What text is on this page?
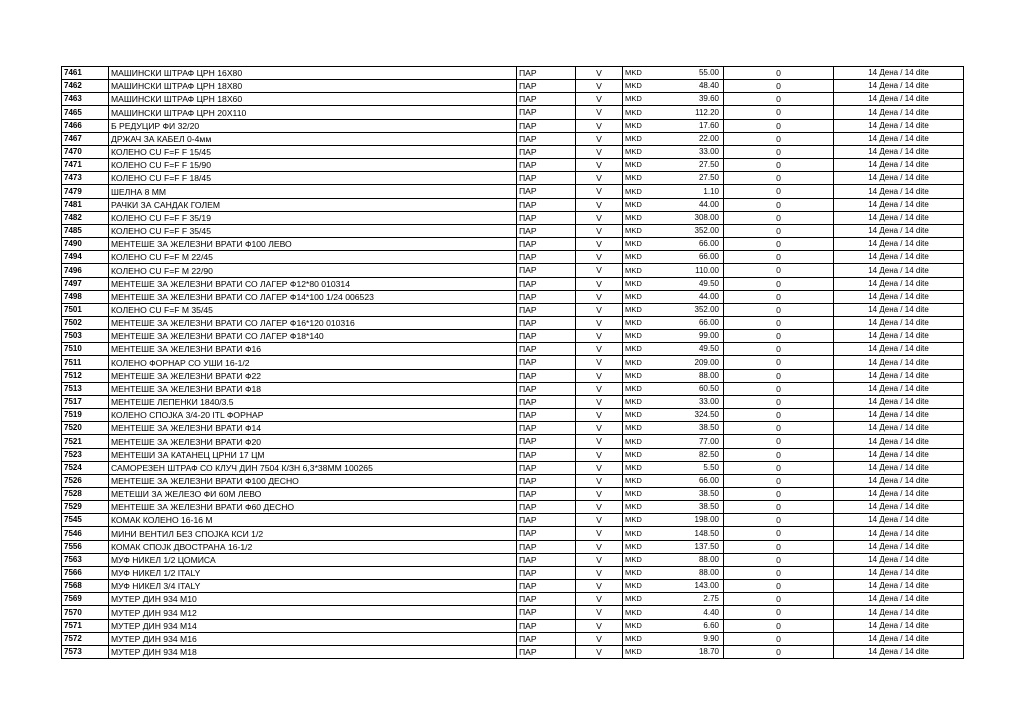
7461	МАШИНСКИ ШТРАФ ЦРН 16Х80	ПАР	V	MKD	55.00	0	14 Дена / 14 dite
7462	МАШИНСКИ ШТРАФ ЦРН 18Х80	ПАР	V	MKD	48.40	0	14 Дена / 14 dite
7463	МАШИНСКИ ШТРАФ ЦРН 18Х60	ПАР	V	MKD	39.60	0	14 Дена / 14 dite
7465	МАШИНСКИ ШТРАФ ЦРН 20Х110	ПАР	V	MKD	112.20	0	14 Дена / 14 dite
7466	Б РЕДУЦИР ФИ 32/20	ПАР	V	MKD	17.60	0	14 Дена / 14 dite
7467	ДРЖАЧ ЗА КАБЕЛ 0-4мм	ПАР	V	MKD	22.00	0	14 Дена / 14 dite
7470	КОЛЕНО CU F=F F 15/45	ПАР	V	MKD	33.00	0	14 Дена / 14 dite
7471	КОЛЕНО CU F=F F 15/90	ПАР	V	MKD	27.50	0	14 Дена / 14 dite
7473	КОЛЕНО CU F=F F 18/45	ПАР	V	MKD	27.50	0	14 Дена / 14 dite
7479	ШЕЛНА 8 ММ	ПАР	V	MKD	1.10	0	14 Дена / 14 dite
7481	РАЧКИ ЗА САНДАК ГОЛЕМ	ПАР	V	MKD	44.00	0	14 Дена / 14 dite
7482	КОЛЕНО CU F=F F 35/19	ПАР	V	MKD	308.00	0	14 Дена / 14 dite
7485	КОЛЕНО CU F=F F 35/45	ПАР	V	MKD	352.00	0	14 Дена / 14 dite
7490	МЕНТЕШЕ ЗА ЖЕЛЕЗНИ ВРАТИ Ф100 ЛЕВО	ПАР	V	MKD	66.00	0	14 Дена / 14 dite
7494	КОЛЕНО CU F=F M 22/45	ПАР	V	MKD	66.00	0	14 Дена / 14 dite
7496	КОЛЕНО CU F=F M 22/90	ПАР	V	MKD	110.00	0	14 Дена / 14 dite
7497	МЕНТЕШЕ ЗА ЖЕЛЕЗНИ ВРАТИ СО ЛАГЕР Ф12*80 010314	ПАР	V	MKD	49.50	0	14 Дена / 14 dite
7498	МЕНТЕШЕ ЗА ЖЕЛЕЗНИ ВРАТИ СО ЛАГЕР Ф14*100 1/24 006523	ПАР	V	MKD	44.00	0	14 Дена / 14 dite
7501	КОЛЕНО CU F=F M 35/45	ПАР	V	MKD	352.00	0	14 Дена / 14 dite
7502	МЕНТЕШЕ ЗА ЖЕЛЕЗНИ ВРАТИ СО ЛАГЕР Ф16*120 010316	ПАР	V	MKD	66.00	0	14 Дена / 14 dite
7503	МЕНТЕШЕ ЗА ЖЕЛЕЗНИ ВРАТИ СО ЛАГЕР Ф18*140	ПАР	V	MKD	99.00	0	14 Дена / 14 dite
7510	МЕНТЕШЕ ЗА ЖЕЛЕЗНИ ВРАТИ Ф16	ПАР	V	MKD	49.50	0	14 Дена / 14 dite
7511	КОЛЕНО ФОРНАР СО УШИ 16-1/2	ПАР	V	MKD	209.00	0	14 Дена / 14 dite
7512	МЕНТЕШЕ ЗА ЖЕЛЕЗНИ ВРАТИ Ф22	ПАР	V	MKD	88.00	0	14 Дена / 14 dite
7513	МЕНТЕШЕ ЗА ЖЕЛЕЗНИ ВРАТИ Ф18	ПАР	V	MKD	60.50	0	14 Дена / 14 dite
7517	МЕНТЕШЕ ЛЕПЕНКИ 1840/3.5	ПАР	V	MKD	33.00	0	14 Дена / 14 dite
7519	КОЛЕНО СПОЈКА 3/4-20 ITL ФОРНАР	ПАР	V	MKD	324.50	0	14 Дена / 14 dite
7520	МЕНТЕШЕ ЗА ЖЕЛЕЗНИ ВРАТИ Ф14	ПАР	V	MKD	38.50	0	14 Дена / 14 dite
7521	МЕНТЕШЕ ЗА ЖЕЛЕЗНИ ВРАТИ Ф20	ПАР	V	MKD	77.00	0	14 Дена / 14 dite
7523	МЕНТЕШИ ЗА КАТАНЕЦ ЦРНИ 17 ЦМ	ПАР	V	MKD	82.50	0	14 Дена / 14 dite
7524	САМОРЕЗЕН ШТРАФ СО КЛУЧ ДИН 7504 К/ЗН 6,3*38ММ 100265	ПАР	V	MKD	5.50	0	14 Дена / 14 dite
7526	МЕНТЕШЕ ЗА ЖЕЛЕЗНИ ВРАТИ Ф100 ДЕСНО	ПАР	V	MKD	66.00	0	14 Дена / 14 dite
7528	МЕТЕШИ ЗА ЖЕЛЕЗО ФИ 60М ЛЕВО	ПАР	V	MKD	38.50	0	14 Дена / 14 dite
7529	МЕНТЕШЕ ЗА ЖЕЛЕЗНИ ВРАТИ Ф60 ДЕСНО	ПАР	V	MKD	38.50	0	14 Дена / 14 dite
7545	КОМАК КОЛЕНО 16-16 М	ПАР	V	MKD	198.00	0	14 Дена / 14 dite
7546	МИНИ ВЕНТИЛ БЕЗ СПОЈКА КСИ 1/2	ПАР	V	MKD	148.50	0	14 Дена / 14 dite
7556	КОМАК СПОЈК ДВОСТРАНА 16-1/2	ПАР	V	MKD	137.50	0	14 Дена / 14 dite
7563	МУФ НИКЕЛ 1/2 ЦОМИСА	ПАР	V	MKD	88.00	0	14 Дена / 14 dite
7566	МУФ НИКЕЛ 1/2 ITALY	ПАР	V	MKD	88.00	0	14 Дена / 14 dite
7568	МУФ НИКЕЛ 3/4 ITALY	ПАР	V	MKD	143.00	0	14 Дена / 14 dite
7569	МУТЕР ДИН 934 М10	ПАР	V	MKD	2.75	0	14 Дена / 14 dite
7570	МУТЕР ДИН 934 М12	ПАР	V	MKD	4.40	0	14 Дена / 14 dite
7571	МУТЕР ДИН 934 М14	ПАР	V	MKD	6.60	0	14 Дена / 14 dite
7572	МУТЕР ДИН 934 М16	ПАР	V	MKD	9.90	0	14 Дена / 14 dite
7573	МУТЕР ДИН 934 М18	ПАР	V	MKD	18.70	0	14 Дена / 14 dite
